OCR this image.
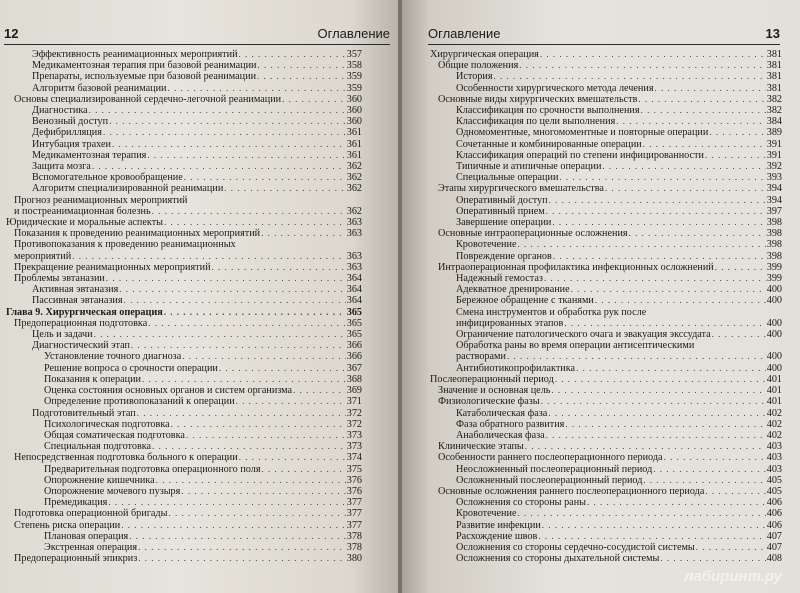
12	Оглавление
Эффективность реанимационных мероприятий . . .	357
Медикаментозная терапия при базовой реанимации . . .	358
Препараты, используемые при базовой реанимации . . .	359
Алгоритм базовой реанимации . . .	359
Основы специализированной сердечно-легочной реанимации . . .	360
Диагностика . . .	360
Венозный доступ . . .	360
Дефибрилляция . . .	361
Интубация трахеи . . .	361
Медикаментозная терапия . . .	361
Защита мозга . . .	362
Вспомогательное кровообращение . . .	362
Алгоритм специализированной реанимации . . .	362
Прогноз реанимационных мероприятий
и постреанимационная болезнь . . .	362
Юридические и моральные аспекты . . .	363
Показания к проведению реанимационных мероприятий . . .	363
Противопоказания к проведению реанимационных
мероприятий . . .	363
Прекращение реанимационных мероприятий . . .	363
Проблемы эвтаназии . . .	364
Активная эвтаназия . . .	364
Пассивная эвтаназия . . .	364
Глава 9. Хирургическая операция . . .	365
Предоперационная подготовка . . .	365
Цель и задачи . . .	365
Диагностический этап . . .	366
Установление точного диагноза . . .	366
Решение вопроса о срочности операции . . .	367
Показания к операции . . .	368
Оценка состояния основных органов и систем организма . . .	369
Определение противопоказаний к операции . . .	371
Подготовительный этап . . .	372
Психологическая подготовка . . .	372
Общая соматическая подготовка . . .	373
Специальная подготовка . . .	373
Непосредственная подготовка больного к операции . . .	374
Предварительная подготовка операционного поля . . .	375
Опорожнение кишечника . . .	376
Опорожнение мочевого пузыря . . .	376
Премедикация . . .	377
Подготовка операционной бригады . . .	377
Степень риска операции . . .	377
Плановая операция . . .	378
Экстренная операция . . .	378
Предоперационный эпикриз . . .	380
Оглавление	13
Хирургическая операция . . .	381
Общие положения . . .	381
История . . .	381
Особенности хирургического метода лечения . . .	381
Основные виды хирургических вмешательств . . .	382
Классификация по срочности выполнения . . .	382
Классификация по цели выполнения . . .	384
Одномоментные, многомоментные и повторные операции . . .	389
Сочетанные и комбинированные операции . . .	391
Классификация операций по степени инфицированности . . .	391
Типичные и атипичные операции . . .	392
Специальные операции . . .	393
Этапы хирургического вмешательства . . .	394
Оперативный доступ . . .	394
Оперативный прием . . .	397
Завершение операции . . .	398
Основные интраоперационные осложнения . . .	398
Кровотечение . . .	398
Повреждение органов . . .	398
Интраоперационная профилактика инфекционных осложнений . . .	399
Надежный гемостаз . . .	399
Адекватное дренирование . . .	400
Бережное обращение с тканями . . .	400
Смена инструментов и обработка рук после
инфицированных этапов . . .	400
Ограничение патологического очага и эвакуация экссудата . . .	400
Обработка раны во время операции антисептическими
растворами . . .	400
Антибиотикопрофилактика . . .	400
Послеоперационный период . . .	401
Значение и основная цель . . .	401
Физиологические фазы . . .	401
Катаболическая фаза . . .	402
Фаза обратного развития . . .	402
Анаболическая фаза . . .	402
Клинические этапы . . .	403
Особенности раннего послеоперационного периода . . .	403
Неосложненный послеоперационный период . . .	403
Осложненный послеоперационный период . . .	405
Основные осложнения раннего послеоперационного периода . . .	405
Осложнения со стороны раны . . .	406
Кровотечение . . .	406
Развитие инфекции . . .	406
Расхождение швов . . .	407
Осложнения со стороны сердечно-сосудистой системы . . .	407
Осложнения со стороны дыхательной системы . . .	408
лабиринт.ру
